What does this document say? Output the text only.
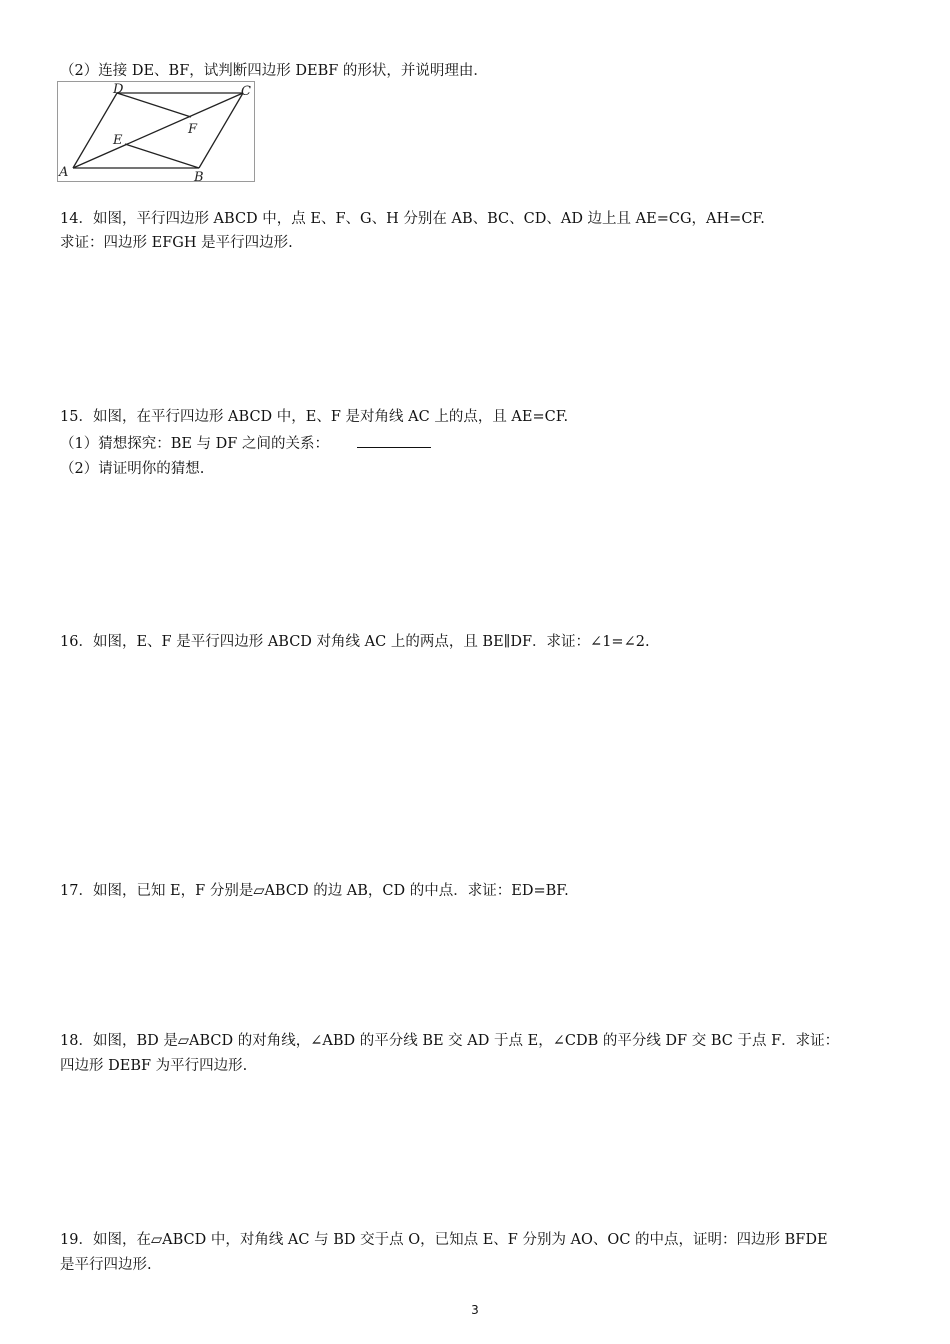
（2）连接 DE、BF，试判断四边形 DEBF 的形状，并说明理由．
A	B
C
D
E
F
14．如图，平行四边形 ABCD 中，点 E、F、G、H 分别在 AB、BC、CD、AD 边上且 AE=CG，AH=CF.
求证：四边形 EFGH 是平行四边形.
15．如图，在平行四边形 ABCD 中，E、F 是对角线 AC 上的点，且 AE=CF.
（1）猜想探究：BE 与 DF 之间的关系：
（2）请证明你的猜想.
16．如图，E、F 是平行四边形 ABCD 对角线 AC 上的两点，且 BE∥DF．求证：∠1=∠2.
17．如图，已知 E，F 分别是▱ABCD 的边 AB，CD 的中点．求证：ED=BF.
18．如图，BD 是▱ABCD 的对角线，∠ABD 的平分线 BE 交 AD 于点 E，∠CDB 的平分线 DF 交 BC 于点 F．求证：
四边形 DEBF 为平行四边形.
19．如图，在▱ABCD 中，对角线 AC 与 BD 交于点 O，已知点 E、F 分别为 AO、OC 的中点，证明：四边形 BFDE
是平行四边形.
3
